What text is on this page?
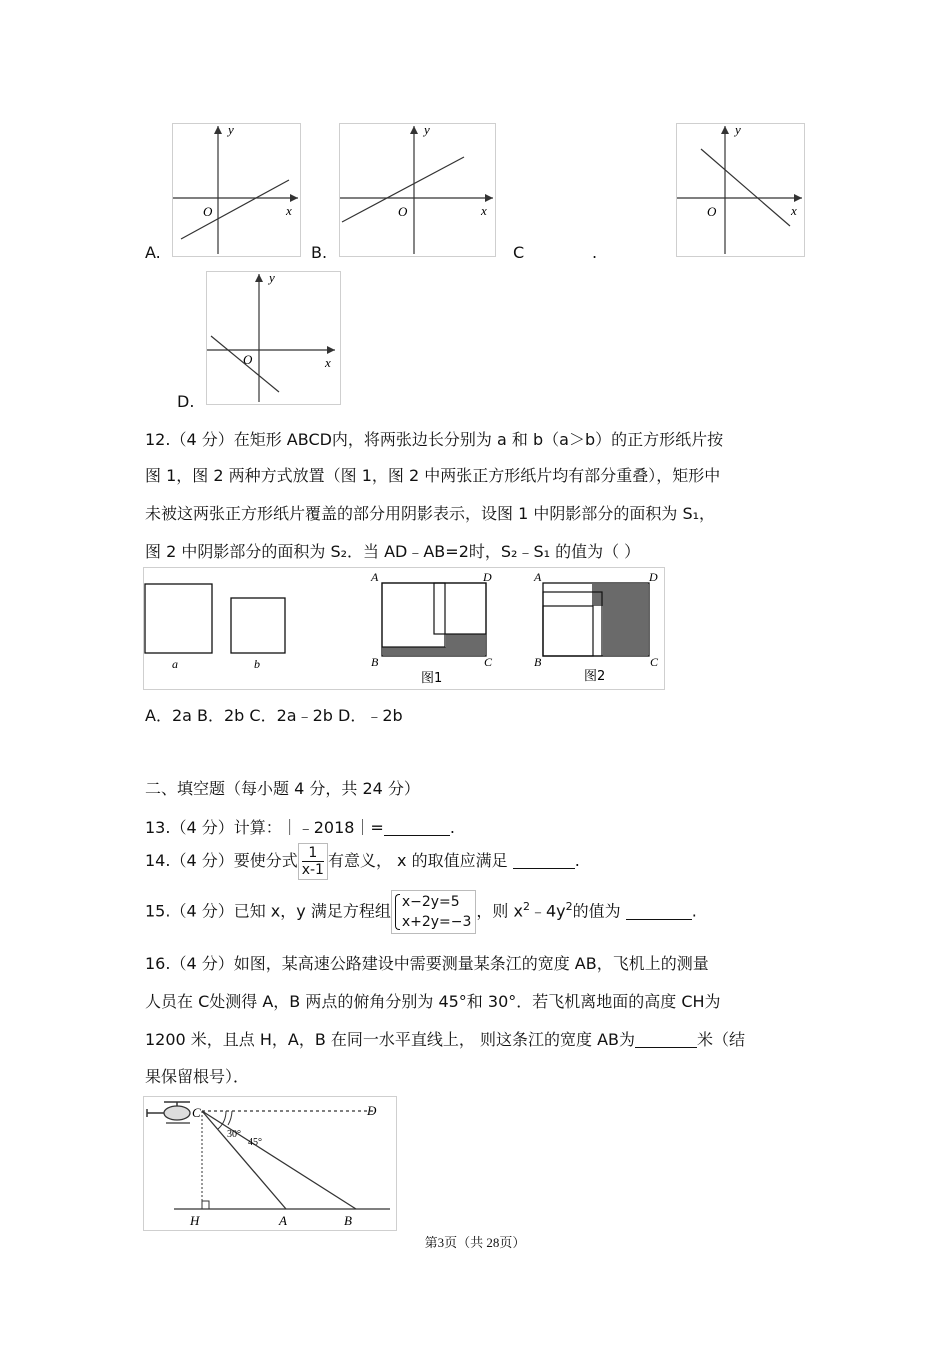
y
x
O
A.
y
x
O
B.	C	.
y
x
O
y
x
O
D.
12.（4 分）在矩形 ABCD内，将两张边长分别为 a 和 b（a＞b）的正方形纸片按
图 1，图 2 两种方式放置（图 1，图 2 中两张正方形纸片均有部分重叠），矩形中
未被这两张正方形纸片覆盖的部分用阴影表示，设图 1 中阴影部分的面积为 S₁，
图 2 中阴影部分的面积为 S₂．当 AD﹣AB=2时，S₂﹣S₁ 的值为（ ）
a	b
A	D
B	C
图1
A	D
B	C
图2
A．2a B．2b C．2a﹣2b D．﹣2b
二、填空题（每小题 4 分，共 24 分）
13.（4 分）计算：｜﹣2018｜=	.
14.（4 分）要使分式 $\frac{1}{x-1}$ 有意义， x 的取值应满足	.
15.（4 分）已知 x，y 满足方程组 x−2y=5
x+2y=−3
，则 $x^2﹣4y^2$的值为	.
16.（4 分）如图，某高速公路建设中需要测量某条江的宽度 AB，飞机上的测量
人员在 C处测得 A，B 两点的俯角分别为 45°和 30°．若飞机离地面的高度 CH为
1200 米，且点 H，A，B 在同一水平直线上， 则这条江的宽度 AB为	米（结
果保留根号）．
C	D
H	A	B
30°
45°
第3页（共 28页）
